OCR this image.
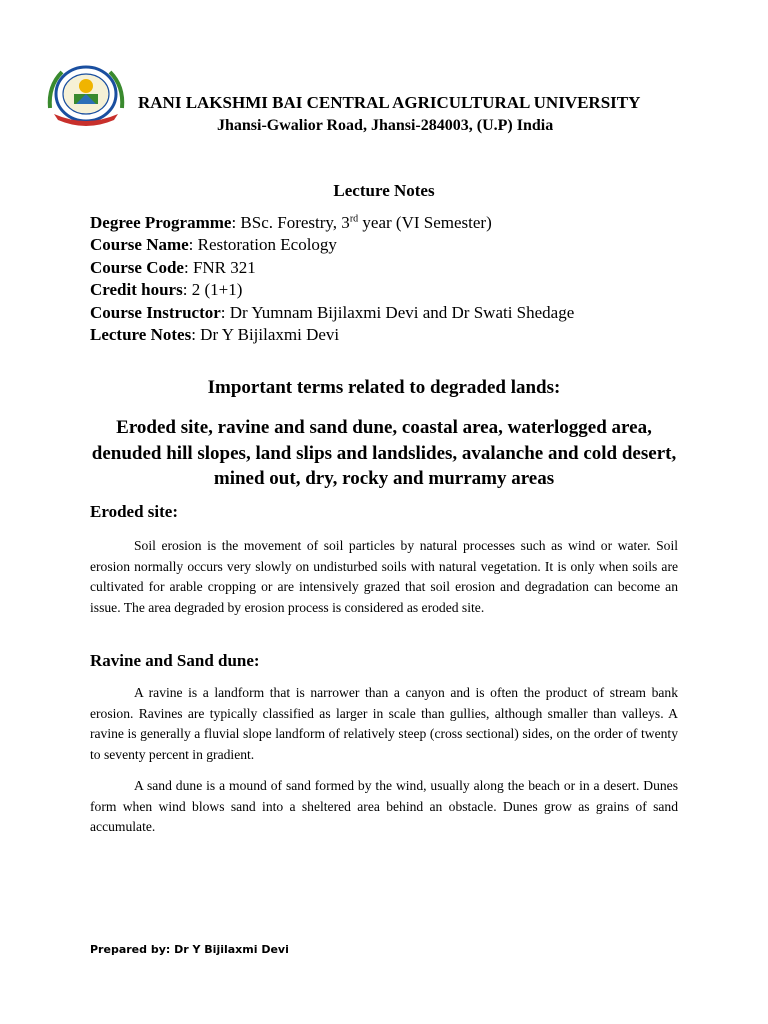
RANI LAKSHMI BAI CENTRAL AGRICULTURAL UNIVERSITY
Jhansi-Gwalior Road, Jhansi-284003, (U.P) India
Lecture Notes
Degree Programme: BSc. Forestry, 3rd year (VI Semester)
Course Name: Restoration Ecology
Course Code: FNR 321
Credit hours: 2 (1+1)
Course Instructor: Dr Yumnam Bijilaxmi Devi and Dr Swati Shedage
Lecture Notes: Dr Y Bijilaxmi Devi
Important terms related to degraded lands:
Eroded site, ravine and sand dune, coastal area, waterlogged area, denuded hill slopes, land slips and landslides, avalanche and cold desert, mined out, dry, rocky and murramy areas
Eroded site:

Soil erosion is the movement of soil particles by natural processes such as wind or water. Soil erosion normally occurs very slowly on undisturbed soils with natural vegetation. It is only when soils are cultivated for arable cropping or are intensively grazed that soil erosion and degradation can become an issue. The area degraded by erosion process is considered as eroded site.

Ravine and Sand dune:

A ravine is a landform that is narrower than a canyon and is often the product of stream bank erosion. Ravines are typically classified as larger in scale than gullies, although smaller than valleys. A ravine is generally a fluvial slope landform of relatively steep (cross sectional) sides, on the order of twenty to seventy percent in gradient.

A sand dune is a mound of sand formed by the wind, usually along the beach or in a desert. Dunes form when wind blows sand into a sheltered area behind an obstacle. Dunes grow as grains of sand accumulate.

Prepared by: Dr Y Bijilaxmi Devi
